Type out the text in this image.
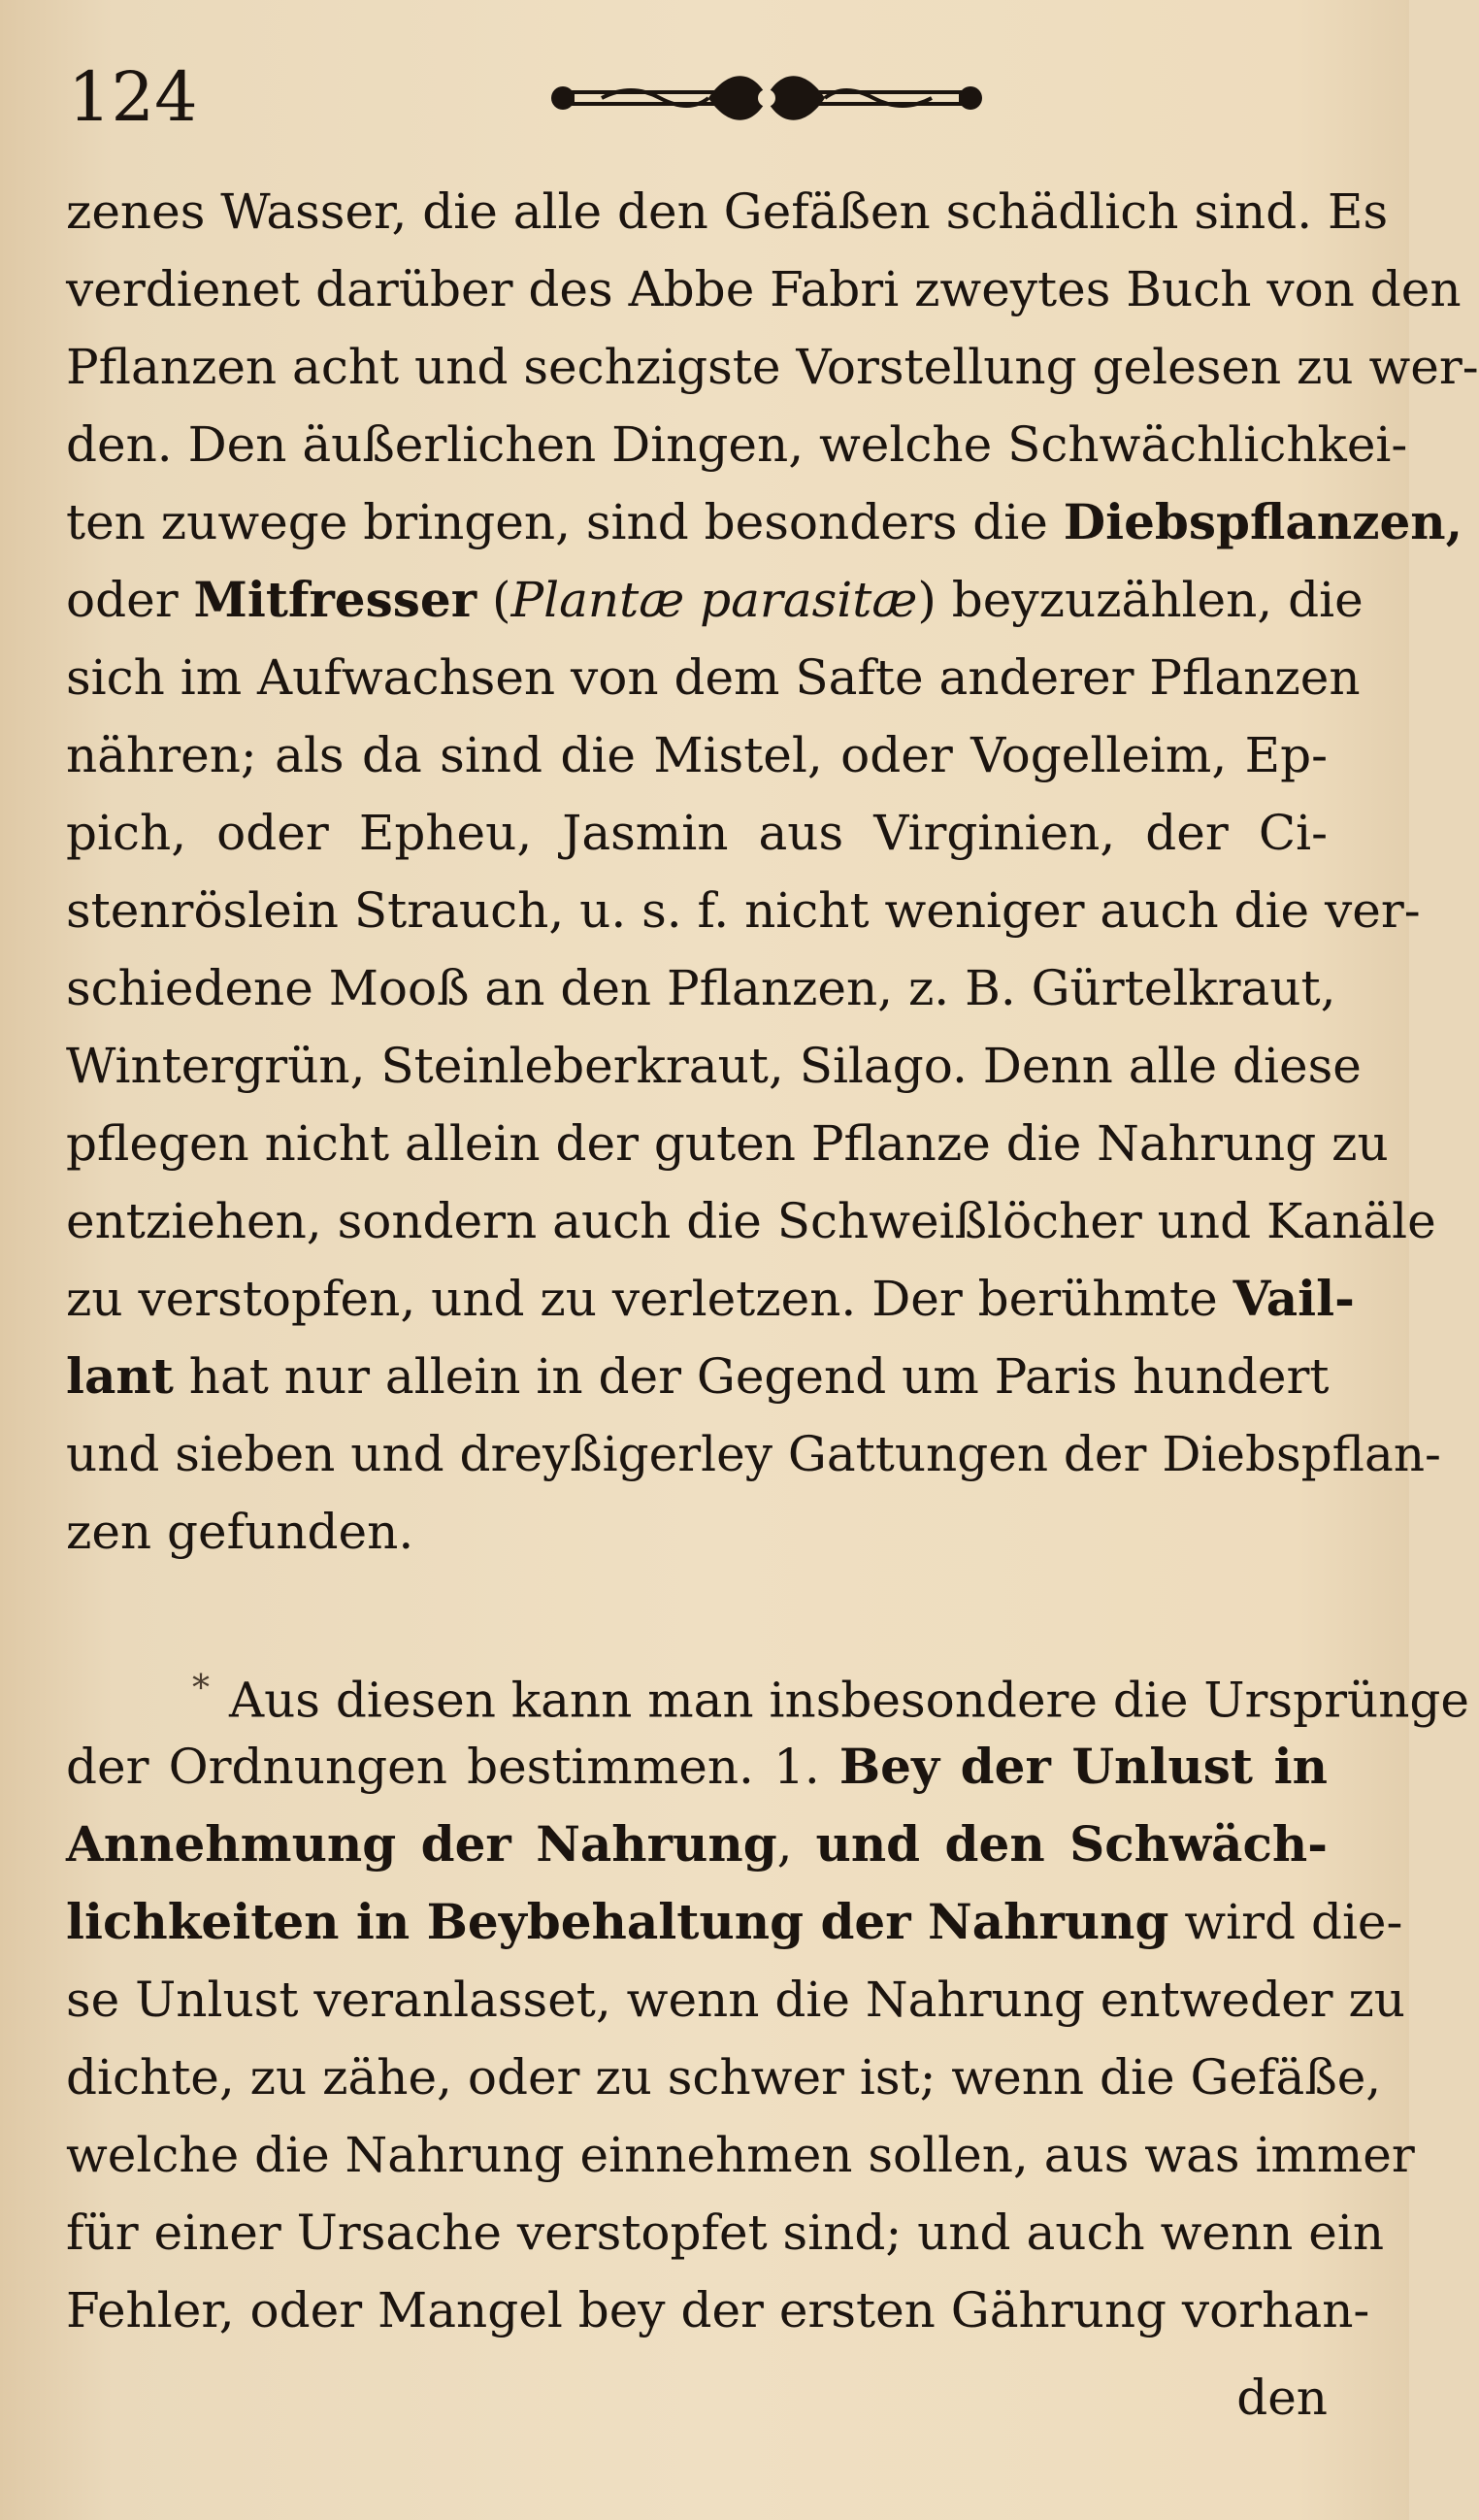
124
zenes Wasser, die alle den Gefäßen schädlich sind. Es
verdienet darüber des Abbe Fabri zweytes Buch von den
Pflanzen acht und sechzigste Vorstellung gelesen zu wer-
den. Den äußerlichen Dingen, welche Schwächlichkei-
ten zuwege bringen, sind besonders die Diebspflanzen,
oder Mitfresser (Plantæ parasitæ) beyzuzählen, die
sich im Aufwachsen von dem Safte anderer Pflanzen
nähren; als da sind die Mistel, oder Vogelleim, Ep-
pich, oder Epheu, Jasmin aus Virginien, der Ci-
stenröslein Strauch, u. s. f. nicht weniger auch die ver-
schiedene Mooß an den Pflanzen, z. B. Gürtelkraut,
Wintergrün, Steinleberkraut, Silago. Denn alle diese
pflegen nicht allein der guten Pflanze die Nahrung zu
entziehen, sondern auch die Schweißlöcher und Kanäle
zu verstopfen, und zu verletzen. Der berühmte Vail-
lant hat nur allein in der Gegend um Paris hundert
und sieben und dreyßigerley Gattungen der Diebspflan-
zen gefunden.
* Aus diesen kann man insbesondere die Ursprünge
der Ordnungen bestimmen. 1. Bey der Unlust in
Annehmung der Nahrung, und den Schwäch-
lichkeiten in Beybehaltung der Nahrung wird die-
se Unlust veranlasset, wenn die Nahrung entweder zu
dichte, zu zähe, oder zu schwer ist; wenn die Gefäße,
welche die Nahrung einnehmen sollen, aus was immer
für einer Ursache verstopfet sind; und auch wenn ein
Fehler, oder Mangel bey der ersten Gährung vorhan-
den
